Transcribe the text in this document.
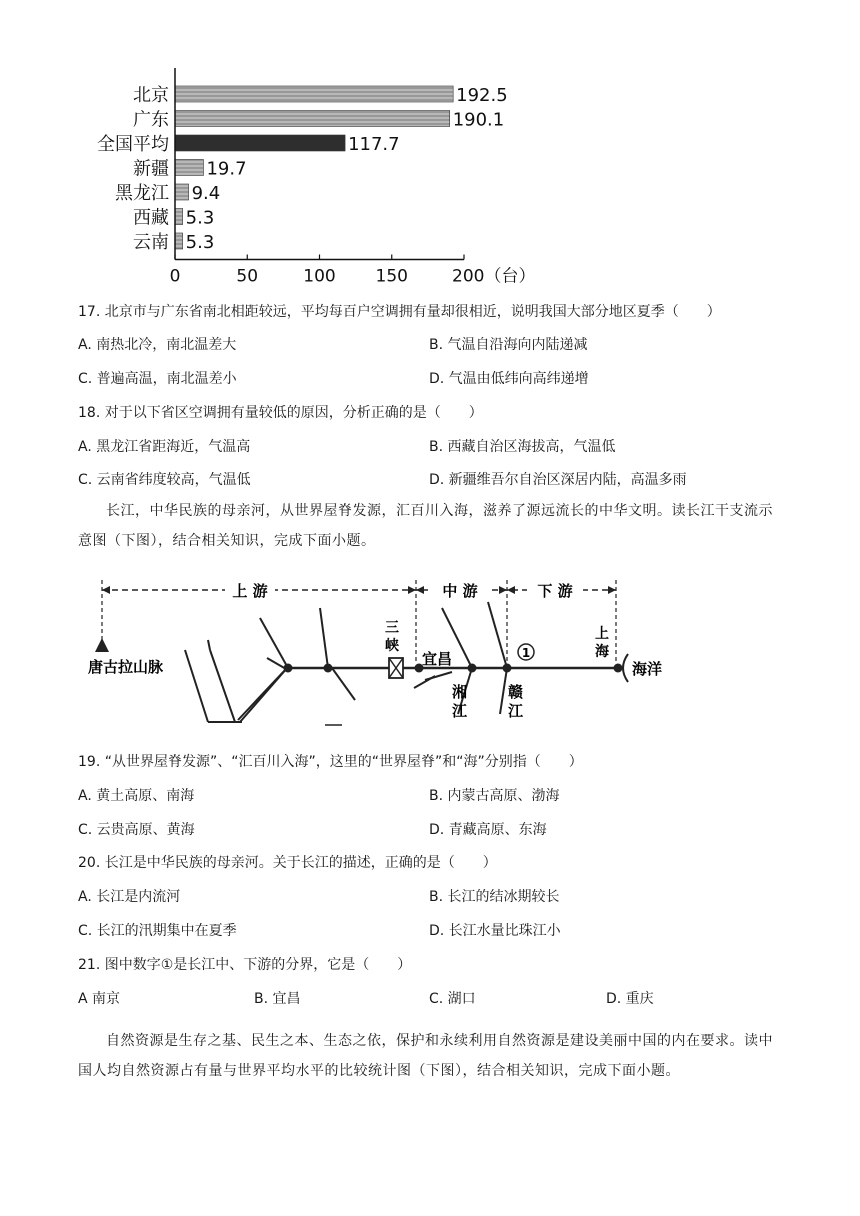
北京	192.5
广东	190.1
全国平均	117.7
新疆 19.7
黑龙江 9.4
西藏 5.3
云南 5.3
0	50	100 150	200（台）
17. 北京市与广东省南北相距较远，平均每百户空调拥有量却很相近，说明我国大部分地区夏季（　　）
A. 南热北冷，南北温差大	B. 气温自沿海向内陆递减
C. 普遍高温，南北温差小	D. 气温由低纬向高纬递增
18. 对于以下省区空调拥有量较低的原因，分析正确的是（　　）
A. 黑龙江省距海近，气温高	B. 西藏自治区海拔高，气温低
C. 云南省纬度较高，气温低	D. 新疆维吾尔自治区深居内陆，高温多雨
长江，中华民族的母亲河，从世界屋脊发源，汇百川入海，滋养了源远流长的中华文明。读长江干支流示意图（下图），结合相关知识，完成下面小题。
上 游	中 游	下 游
唐古拉山脉
三
峡
宜昌
湘
江
赣
江
1
上
海
海洋
19. “从世界屋脊发源”、“汇百川入海”，这里的“世界屋脊”和“海”分别指（　　）
A. 黄土高原、南海	B. 内蒙古高原、渤海
C. 云贵高原、黄海	D. 青藏高原、东海
20. 长江是中华民族的母亲河。关于长江的描述，正确的是（　　）
A. 长江是内流河	B. 长江的结冰期较长
C. 长江的汛期集中在夏季	D. 长江水量比珠江小
21. 图中数字①是长江中、下游的分界，它是（　　）
A 南京	B. 宜昌	C. 湖口	D. 重庆
自然资源是生存之基、民生之本、生态之依，保护和永续利用自然资源是建设美丽中国的内在要求。读中国人均自然资源占有量与世界平均水平的比较统计图（下图），结合相关知识，完成下面小题。
